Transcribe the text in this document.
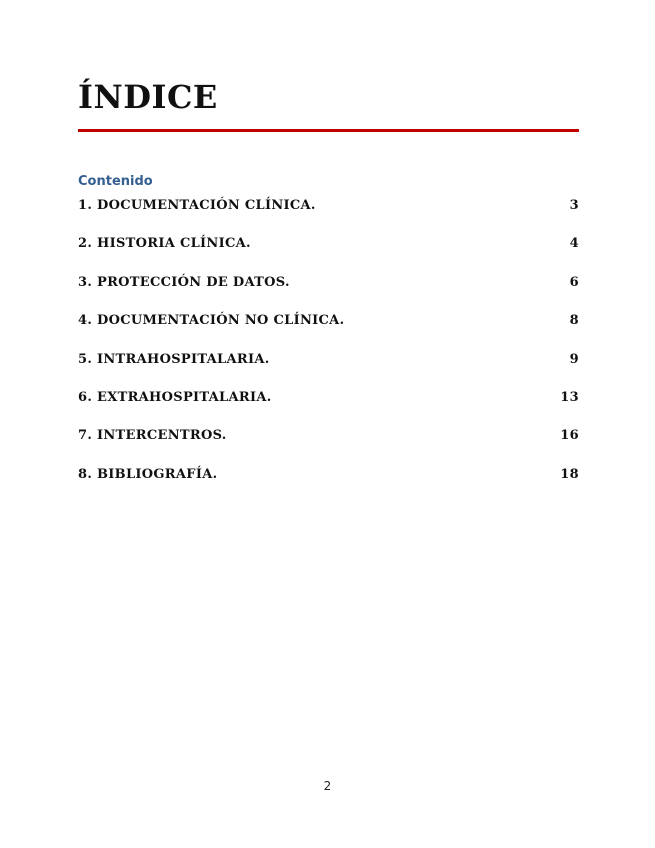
ÍNDICE
Contenido
1. DOCUMENTACIÓN CLÍNICA.	3
2. HISTORIA CLÍNICA.	4
3. PROTECCIÓN DE DATOS.	6
4. DOCUMENTACIÓN NO CLÍNICA.	8
5. INTRAHOSPITALARIA.	9
6. EXTRAHOSPITALARIA.	13
7. INTERCENTROS.	16
8. BIBLIOGRAFÍA.	18
2
